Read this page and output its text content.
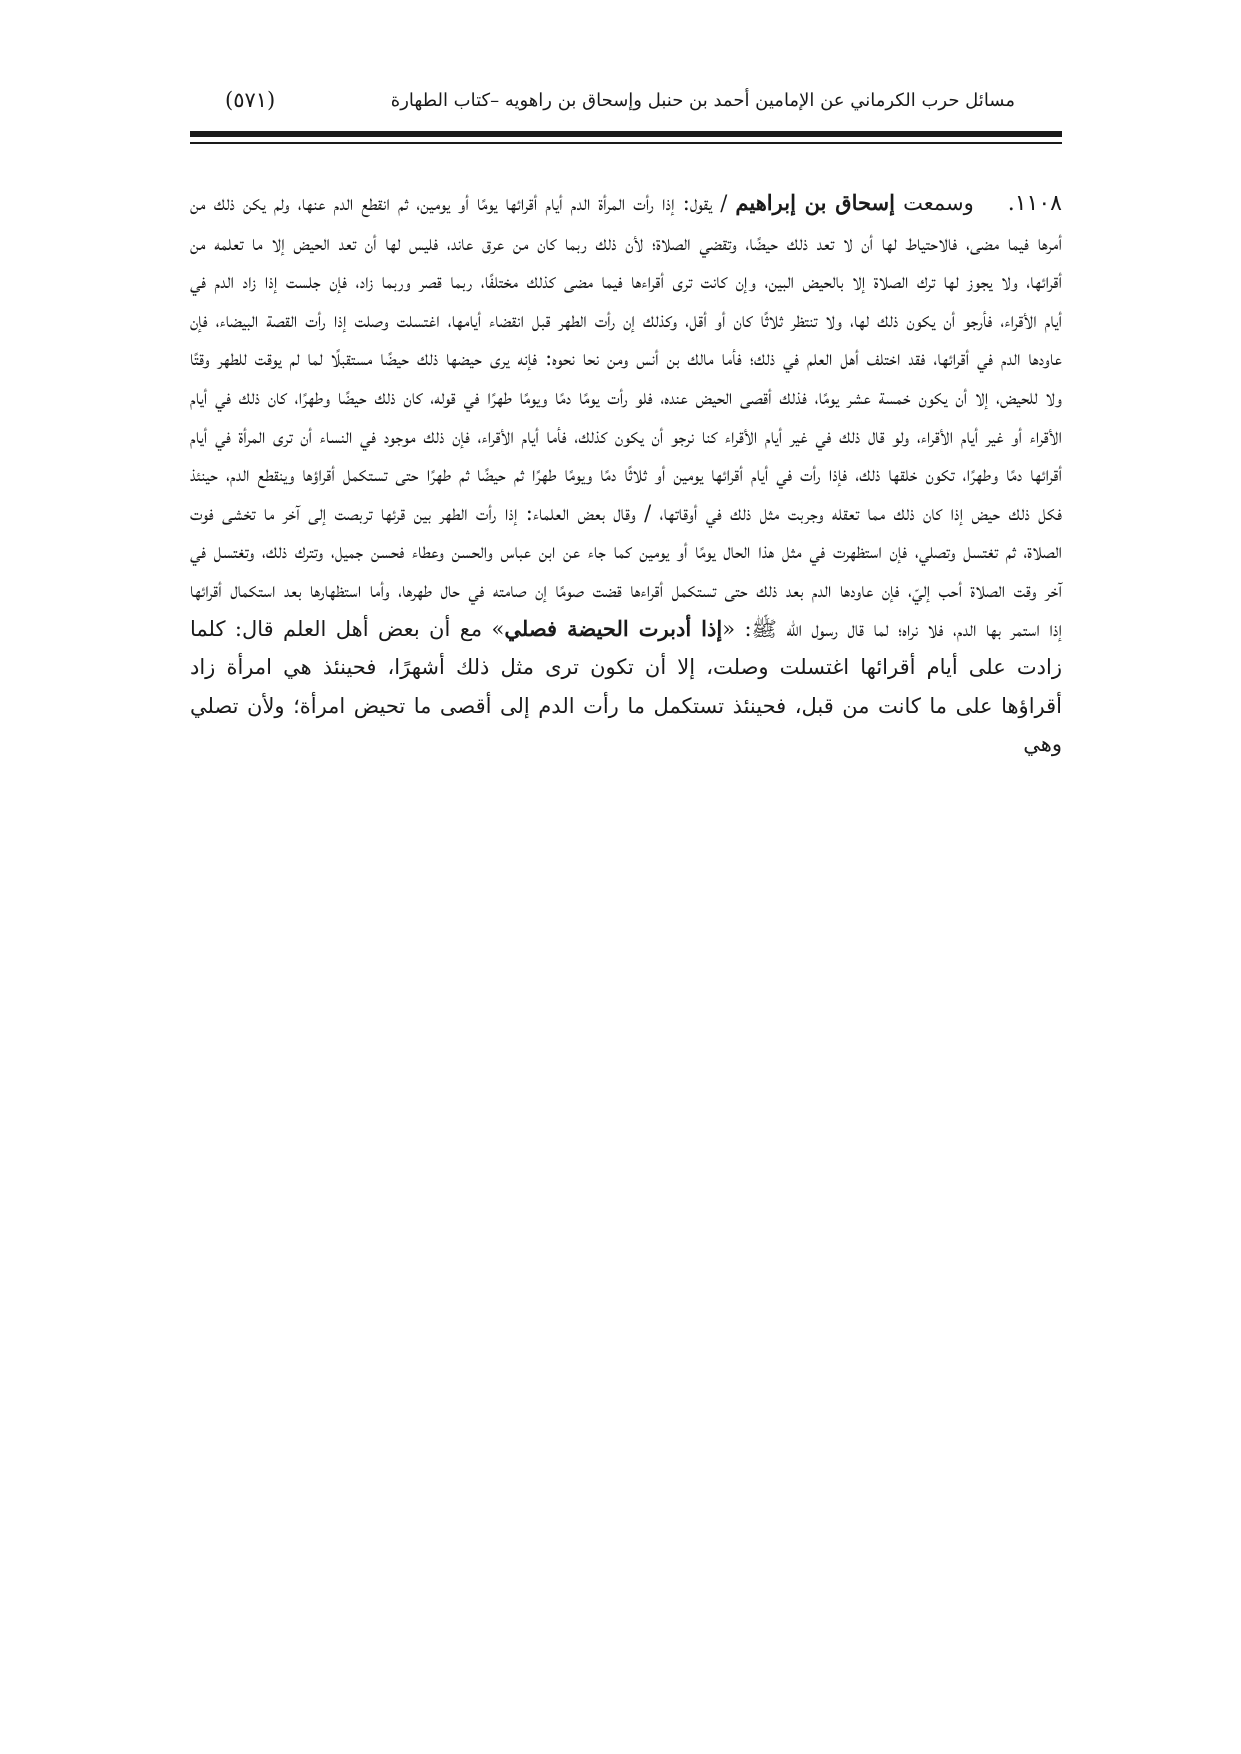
مسائل حرب الكرماني عن الإمامين أحمد بن حنبل وإسحاق بن راهويه –كتاب الطهارة
(٥٧١)
١١٠٨.وسمعت إسحاق بن إبراهيم / يقول: إذا رأت المرأة الدم أيام أقرائها يومًا أو يومين، ثم انقطع الدم عنها، ولم يكن ذلك من أمرها فيما مضى، فالاحتياط لها أن لا تعد ذلك حيضًا، وتقضي الصلاة؛ لأن ذلك ربما كان من عرق عاند، فليس لها أن تعد الحيض إلا ما تعلمه من أقرائها، ولا يجوز لها ترك الصلاة إلا بالحيض البين، وإن كانت ترى أقراءها فيما مضى كذلك مختلفًا، ربما قصر وربما زاد، فإن جلست إذا زاد الدم في أيام الأقراء، فأرجو أن يكون ذلك لها، ولا تنتظر ثلاثًا كان أو أقل، وكذلك إن رأت الطهر قبل انقضاء أيامها، اغتسلت وصلت إذا رأت القصة البيضاء، فإن عاودها الدم في أقرائها، فقد اختلف أهل العلم في ذلك؛ فأما مالك بن أنس ومن نحا نحوه: فإنه يرى حيضها ذلك حيضًا مستقبلًا لما لم يوقت للطهر وقتًا ولا للحيض، إلا أن يكون خمسة عشر يومًا، فذلك أقصى الحيض عنده، فلو رأت يومًا دمًا ويومًا طهرًا في قوله، كان ذلك حيضًا وطهرًا، كان ذلك في أيام الأقراء أو غير أيام الأقراء، ولو قال ذلك في غير أيام الأقراء كنا نرجو أن يكون كذلك، فأما أيام الأقراء، فإن ذلك موجود في النساء أن ترى المرأة في أيام أقرائها دمًا وطهرًا، تكون خلقها ذلك، فإذا رأت في أيام أقرائها يومين أو ثلاثًا دمًا ويومًا طهرًا ثم حيضًا ثم طهرًا حتى تستكمل أقراؤها وينقطع الدم، حينئذ فكل ذلك حيض إذا كان ذلك مما تعقله وجربت مثل ذلك في أوقاتها، / وقال بعض العلماء: إذا رأت الطهر بين قرئها تربصت إلى آخر ما تخشى فوت الصلاة، ثم تغتسل وتصلي، فإن استظهرت في مثل هذا الحال يومًا أو يومين كما جاء عن ابن عباس والحسن وعطاء فحسن جميل، وتترك ذلك، وتغتسل في آخر وقت الصلاة أحب إليّ، فإن عاودها الدم بعد ذلك حتى تستكمل أقراءها قضت صومًا إن صامته في حال طهرها، وأما استظهارها بعد استكمال أقرائها إذا استمر بها الدم، فلا نراه؛ لما قال رسول الله ﷺ: «إذا أدبرت الحيضة فصلي» مع أن بعض أهل العلم قال: كلما زادت على أيام أقرائها اغتسلت وصلت، إلا أن تكون ترى مثل ذلك أشهرًا، فحينئذ هي امرأة زاد أقراؤها على ما كانت من قبل، فحينئذ تستكمل ما رأت الدم إلى أقصى ما تحيض امرأة؛ ولأن تصلي وهي
